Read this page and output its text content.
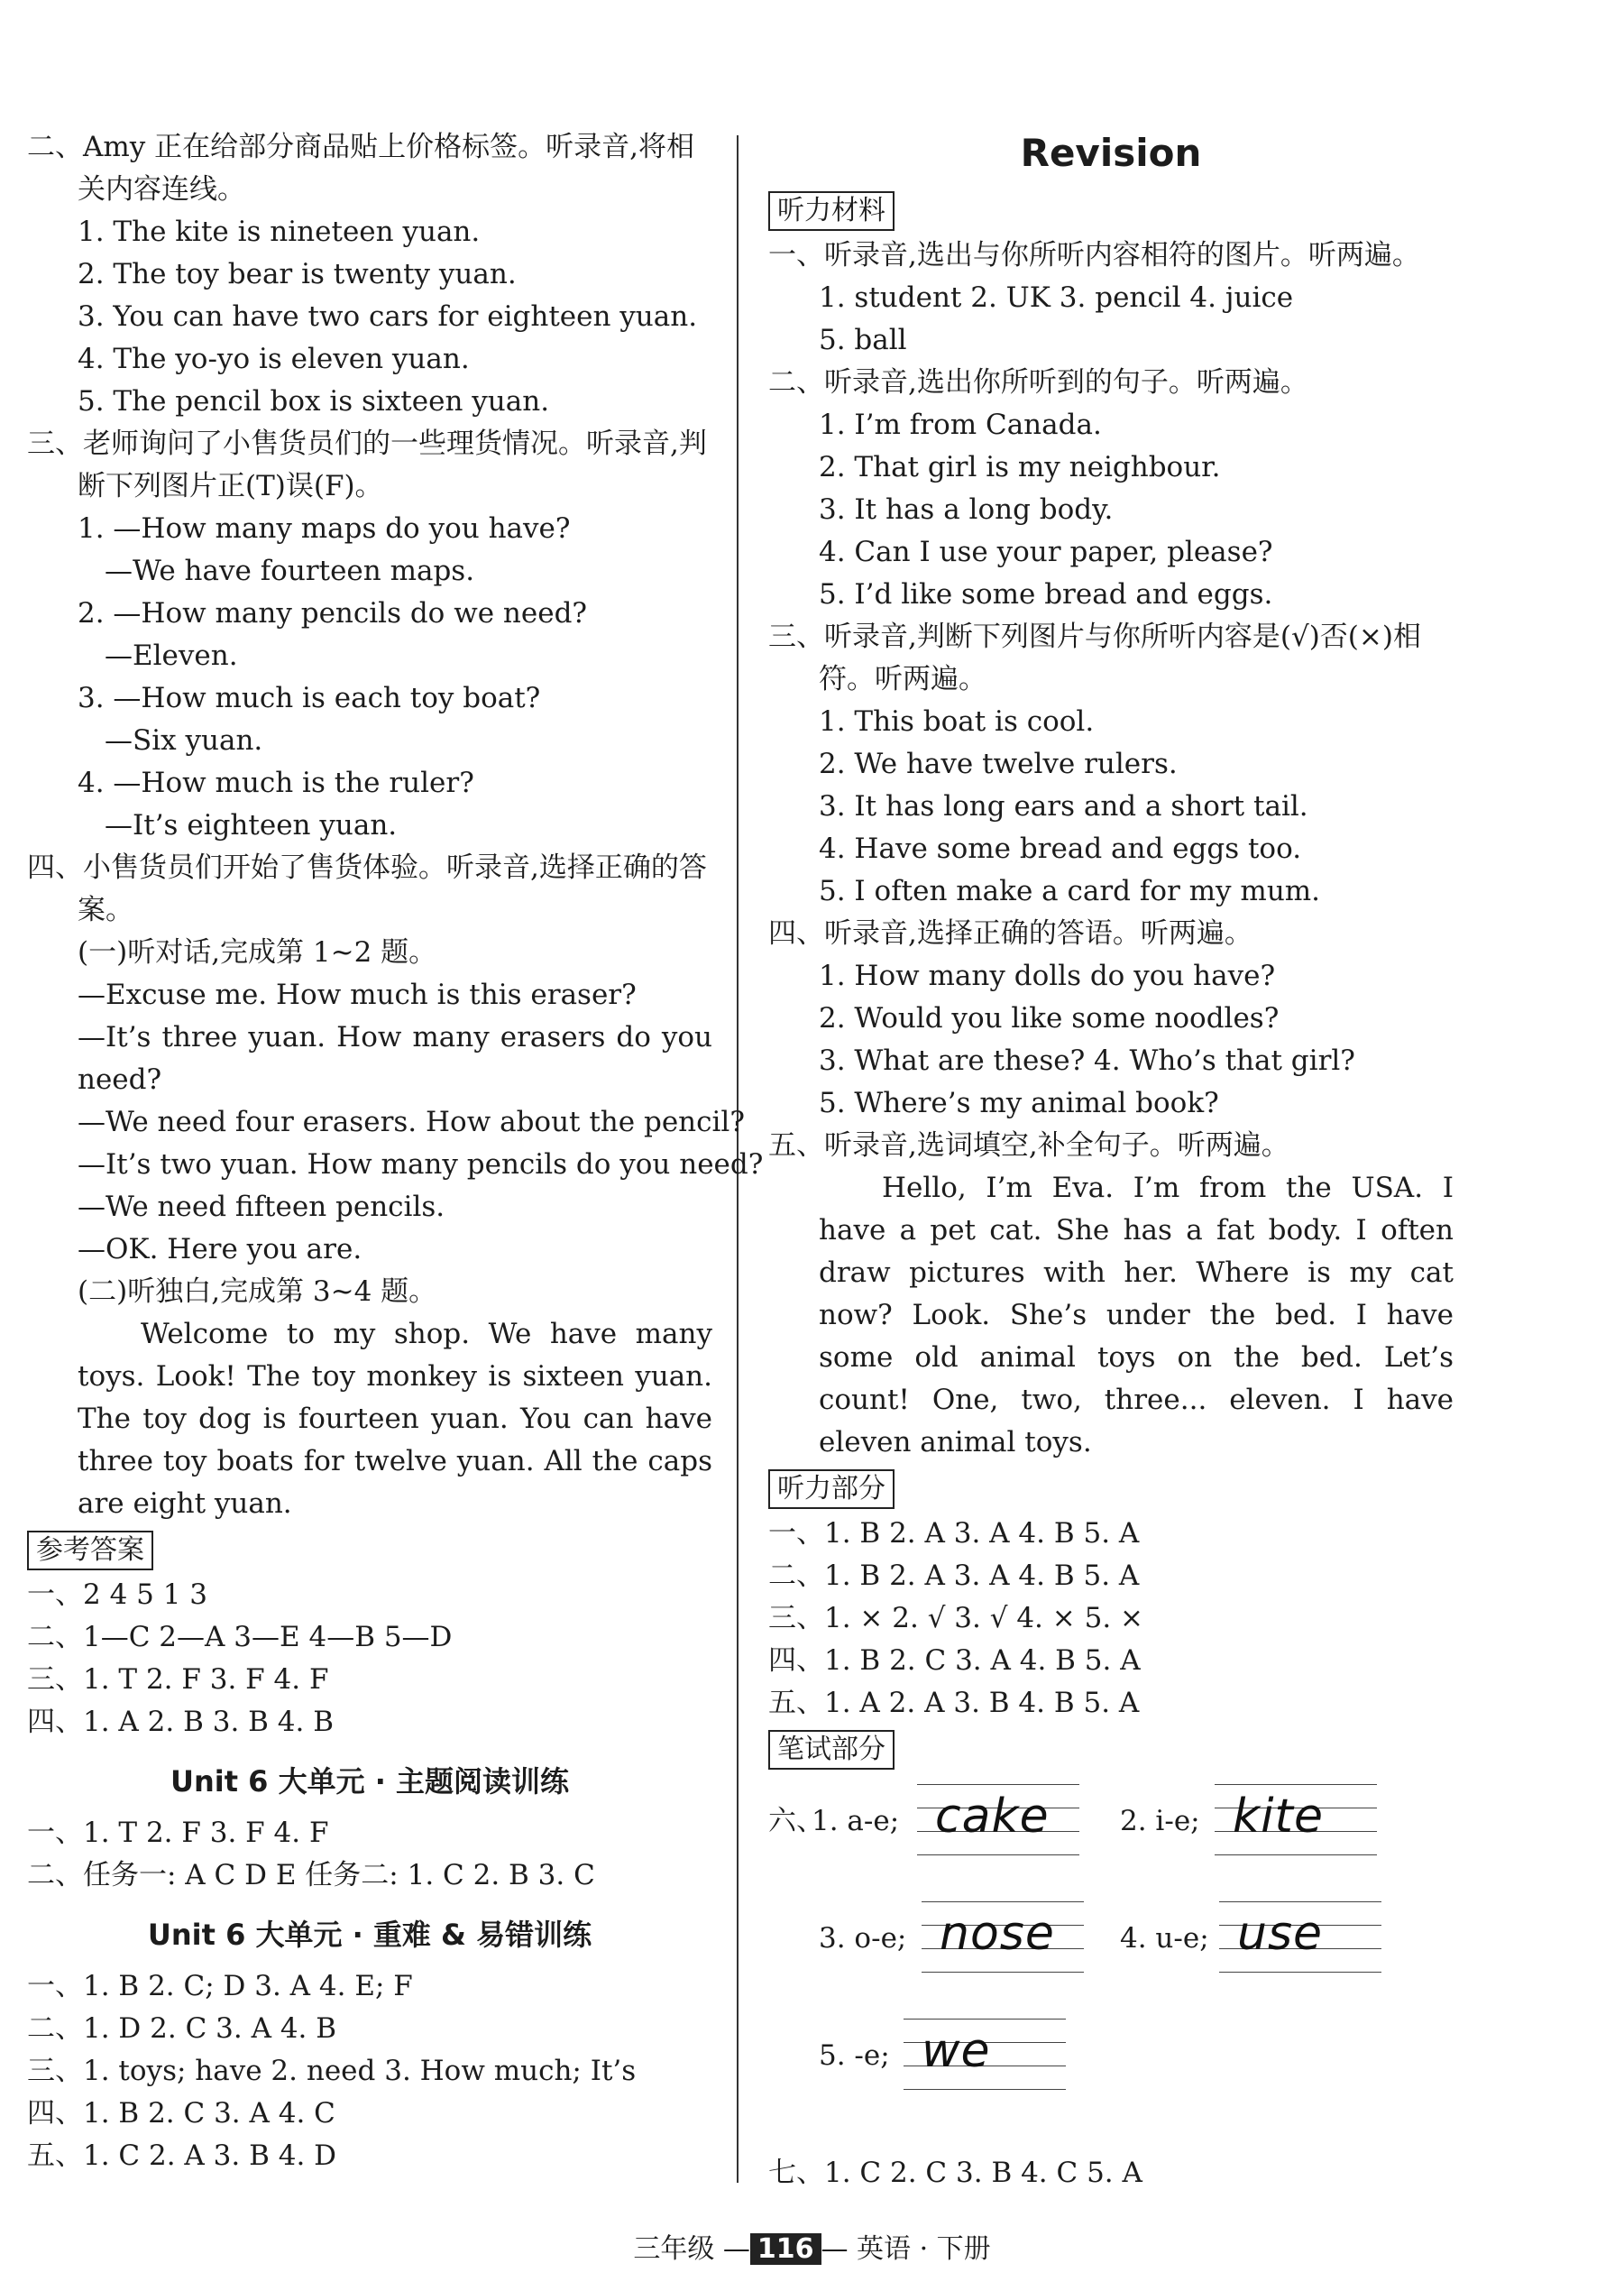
二、Amy 正在给部分商品贴上价格标签。听录音,将相关内容连线。
1. The kite is nineteen yuan.
2. The toy bear is twenty yuan.
3. You can have two cars for eighteen yuan.
4. The yo-yo is eleven yuan.
5. The pencil box is sixteen yuan.
三、老师询问了小售货员们的一些理货情况。听录音,判断下列图片正(T)误(F)。
1. —How many maps do you have?
—We have fourteen maps.
2. —How many pencils do we need?
—Eleven.
3. —How much is each toy boat?
—Six yuan.
4. —How much is the ruler?
—It’s eighteen yuan.
四、小售货员们开始了售货体验。听录音,选择正确的答案。
(一)听对话,完成第 1~2 题。
—Excuse me. How much is this eraser?
—It’s three yuan. How many erasers do you need?
—We need four erasers. How about the pencil?
—It’s two yuan. How many pencils do you need?
—We need fifteen pencils.
—OK. Here you are.
(二)听独白,完成第 3~4 题。
Welcome to my shop. We have many toys. Look! The toy monkey is sixteen yuan. The toy dog is fourteen yuan. You can have three toy boats for twelve yuan. All the caps are eight yuan.
参考答案
一、2 4 5 1 3
二、1—C 2—A 3—E 4—B 5—D
三、1. T 2. F 3. F 4. F
四、1. A 2. B 3. B 4. B
Unit 6 大单元 · 主题阅读训练
一、1. T 2. F 3. F 4. F
二、任务一: A C D E 任务二: 1. C 2. B 3. C
Unit 6 大单元 · 重难 & 易错训练
一、1. B 2. C; D 3. A 4. E; F
二、1. D 2. C 3. A 4. B
三、1. toys; have 2. need 3. How much; It’s
四、1. B 2. C 3. A 4. C
五、1. C 2. A 3. B 4. D
Revision
听力材料
一、听录音,选出与你所听内容相符的图片。听两遍。
1. student 2. UK 3. pencil 4. juice
5. ball
二、听录音,选出你所听到的句子。听两遍。
1. I’m from Canada.
2. That girl is my neighbour.
3. It has a long body.
4. Can I use your paper, please?
5. I’d like some bread and eggs.
三、听录音,判断下列图片与你所听内容是(√)否(×)相符。听两遍。
1. This boat is cool.
2. We have twelve rulers.
3. It has long ears and a short tail.
4. Have some bread and eggs too.
5. I often make a card for my mum.
四、听录音,选择正确的答语。听两遍。
1. How many dolls do you have?
2. Would you like some noodles?
3. What are these? 4. Who’s that girl?
5. Where’s my animal book?
五、听录音,选词填空,补全句子。听两遍。
Hello, I’m Eva. I’m from the USA. I have a pet cat. She has a fat body. I often draw pictures with her. Where is my cat now? Look. She’s under the bed. I have some old animal toys on the bed. Let’s count! One, two, three... eleven. I have eleven animal toys.
听力部分
一、1. B 2. A 3. A 4. B 5. A
二、1. B 2. A 3. A 4. B 5. A
三、1. × 2. √ 3. √ 4. × 5. ×
四、1. B 2. C 3. A 4. B 5. A
五、1. A 2. A 3. B 4. B 5. A
笔试部分
六、
1. a-e; cake	2. i-e; kite
3. o-e; nose 4. u-e; use
5. -e; we
七、1. C 2. C 3. B 4. C 5. A
三年级 — 116 — 英语 · 下册
